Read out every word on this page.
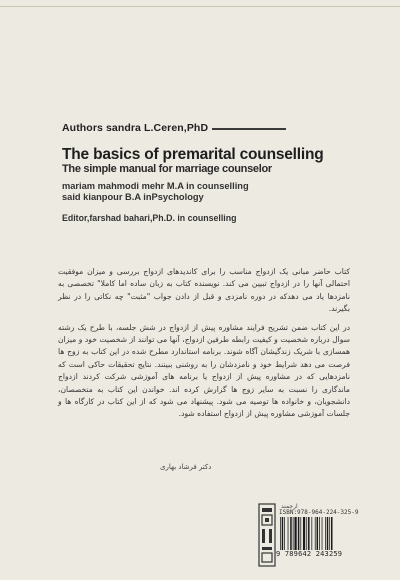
Authors sandra L.Ceren,PhD
The basics of premarital counselling
The simple manual for marriage counselor
mariam mahmodi mehr M.A in counselling
said kianpour B.A inPsychology
Editor,farshad bahari,Ph.D. in counselling

کتاب حاضر مبانی یک ازدواج مناسب را برای کاندیدهای ازدواج بررسی و میزان موفقیت احتمالی آنها را در ازدواج تبیین می کند. نویسنده کتاب به زبان ساده اما کاملا" تخصصی به نامزدها یاد می دهدکه در دوره نامزدی و قبل از دادن جواب "مثبت" چه نکاتی را در نظر بگیرند.

در این کتاب ضمن تشریح فرایند مشاوره پیش از ازدواج در شش جلسه، با طرح یک رشته سوال درباره شخصیت و کیفیت رابطه طرفین ازدواج، آنها می توانند از شخصیت خود و میزان همسازی با شریک زندگیشان آگاه شوند. برنامه استاندارد مطرح شده در این کتاب به زوج ها فرصت می دهد شرایط خود و نامزدشان را به روشنی ببینند. نتایج تحقیقات حاکی است که نامزدهایی که در مشاوره پیش از ازدواج یا برنامه های آموزشی شرکت کردند ازدواج ماندگاری را نسبت به سایر زوج ها گزارش کرده اند. خواندن این کتاب به متخصصان، دانشجویان، و خانواده ها توصیه می شود. پیشنهاد می شود که از این کتاب در کارگاه ها و جلسات آموزشی مشاوره پیش از ازدواج استفاده شود.

دکتر فرشاد بهاری
ارجمند
ISBN:978-964-224-325-9
9 789642 243259
